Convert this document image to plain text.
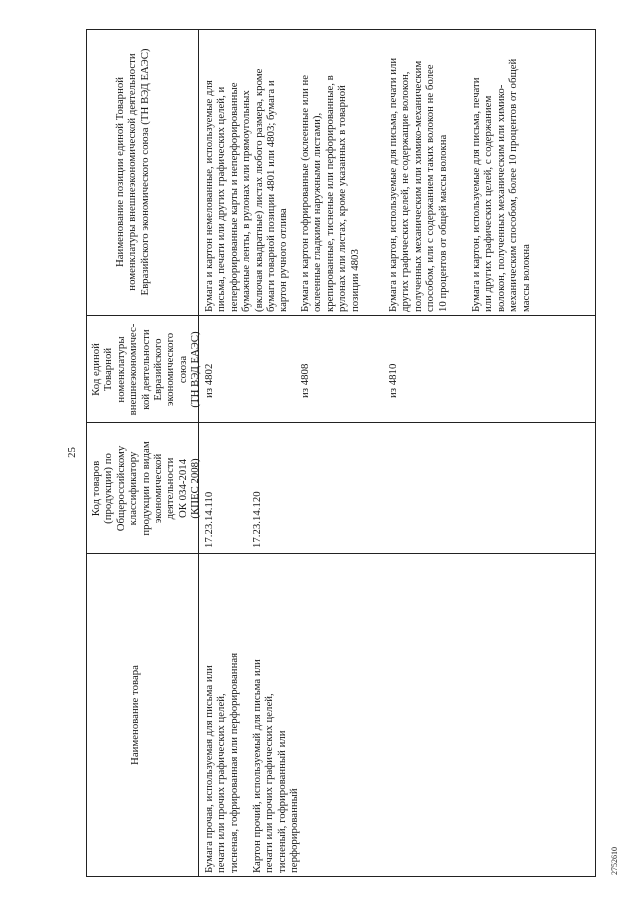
25
Наименование товара
Код товаров
(продукции) по
Общероссийскому
классификатору
продукции по видам
экономической
деятельности
ОК 034-2014
(КПЕС 2008)
Код единой
Товарной
номенклатуры
внешнеэкономичес-
кой деятельности
Евразийского
экономического
союза
(ТН ВЭД ЕАЭС)
Наименование позиции единой Товарной
номенклатуры внешнеэкономической деятельности
Евразийского экономического союза (ТН ВЭД ЕАЭС)
Бумага прочая, используемая для письма или
печати или прочих графических целей,
тисненая, гофрированная или перфорированная
17.23.14.110
из 4802
Бумага и картон немелованные, используемые для
письма, печати или других графических целей, и
неперфорированные карты и неперфорированные
бумажные ленты, в рулонах или прямоугольных
(включая квадратные) листах любого размера, кроме
бумаги товарной позиции 4801 или 4803; бумага и
картон ручного отлива
Картон прочий, используемый для письма или
печати или прочих графических целей,
тисненый, гофрированный или
перфорированный
17.23.14.120
из 4808
Бумага и картон гофрированные (оклеенные или не
оклеенные гладкими наружными листами),
крепированные, тисненые или перфорированные, в
рулонах или листах, кроме указанных в товарной
позиции 4803
из 4810
Бумага и картон, используемые для письма, печати или
других графических целей, не содержащие волокон,
полученных механическим или химико-механическим
способом, или с содержанием таких волокон не более
10 процентов от общей массы волокна
Бумага и картон, используемые для письма, печати
или других графических целей, с содержанием
волокон, полученных механическим или химико-
механическим способом, более 10 процентов от общей
массы волокна
2752610
